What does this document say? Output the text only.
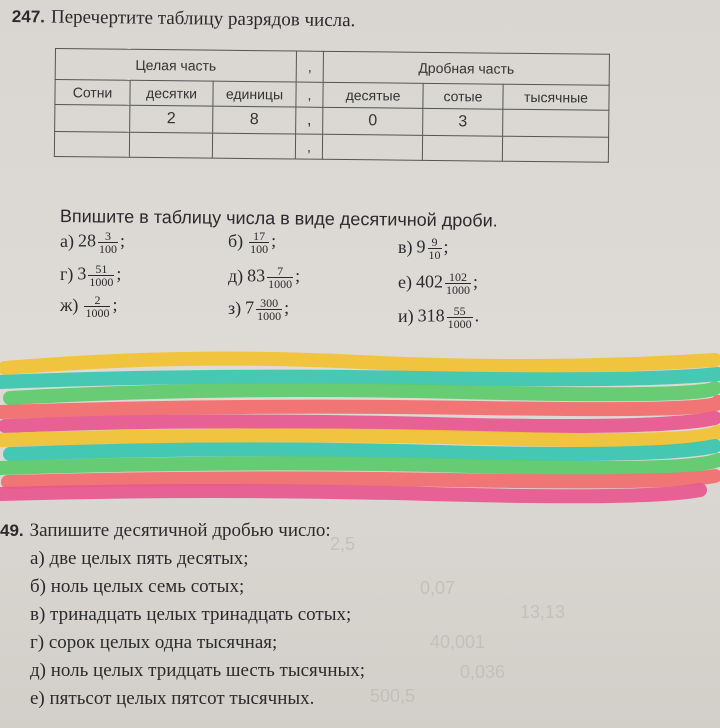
247. Перечертите таблицу разрядов числа.
Целая часть			,	Дробная часть		
Сотни	десятки	единицы	,	десятые	сотые	тысячные
	2	8	,	0	3	
			,			
Впишите в таблицу числа в виде десятичной дроби.
а) $28 \frac{3}{100}$ ;	$б) \frac{17}{100}$ ;	в) $9 \frac{9}{10}$ ;
г) $3 \frac{51}{1000}$ ;	д) $83 \frac{7}{1000}$ ;	е) $402 \frac{102}{1000}$ ;
$ж) \frac{2}{1000}$ ;	з) $7 \frac{300}{1000}$ ;	и) $318 \frac{55}{1000}$ .
49. Запишите десятичной дробью число:
а) две целых пять десятых;
б) ноль целых семь сотых;
в) тринадцать целых тринадцать сотых;
г) сорок целых одна тысячная;
д) ноль целых тридцать шесть тысячных;
е) пятьсот целых пятсот тысячных.
2,5
0,07
13,13
40,001
0,036
500,5
